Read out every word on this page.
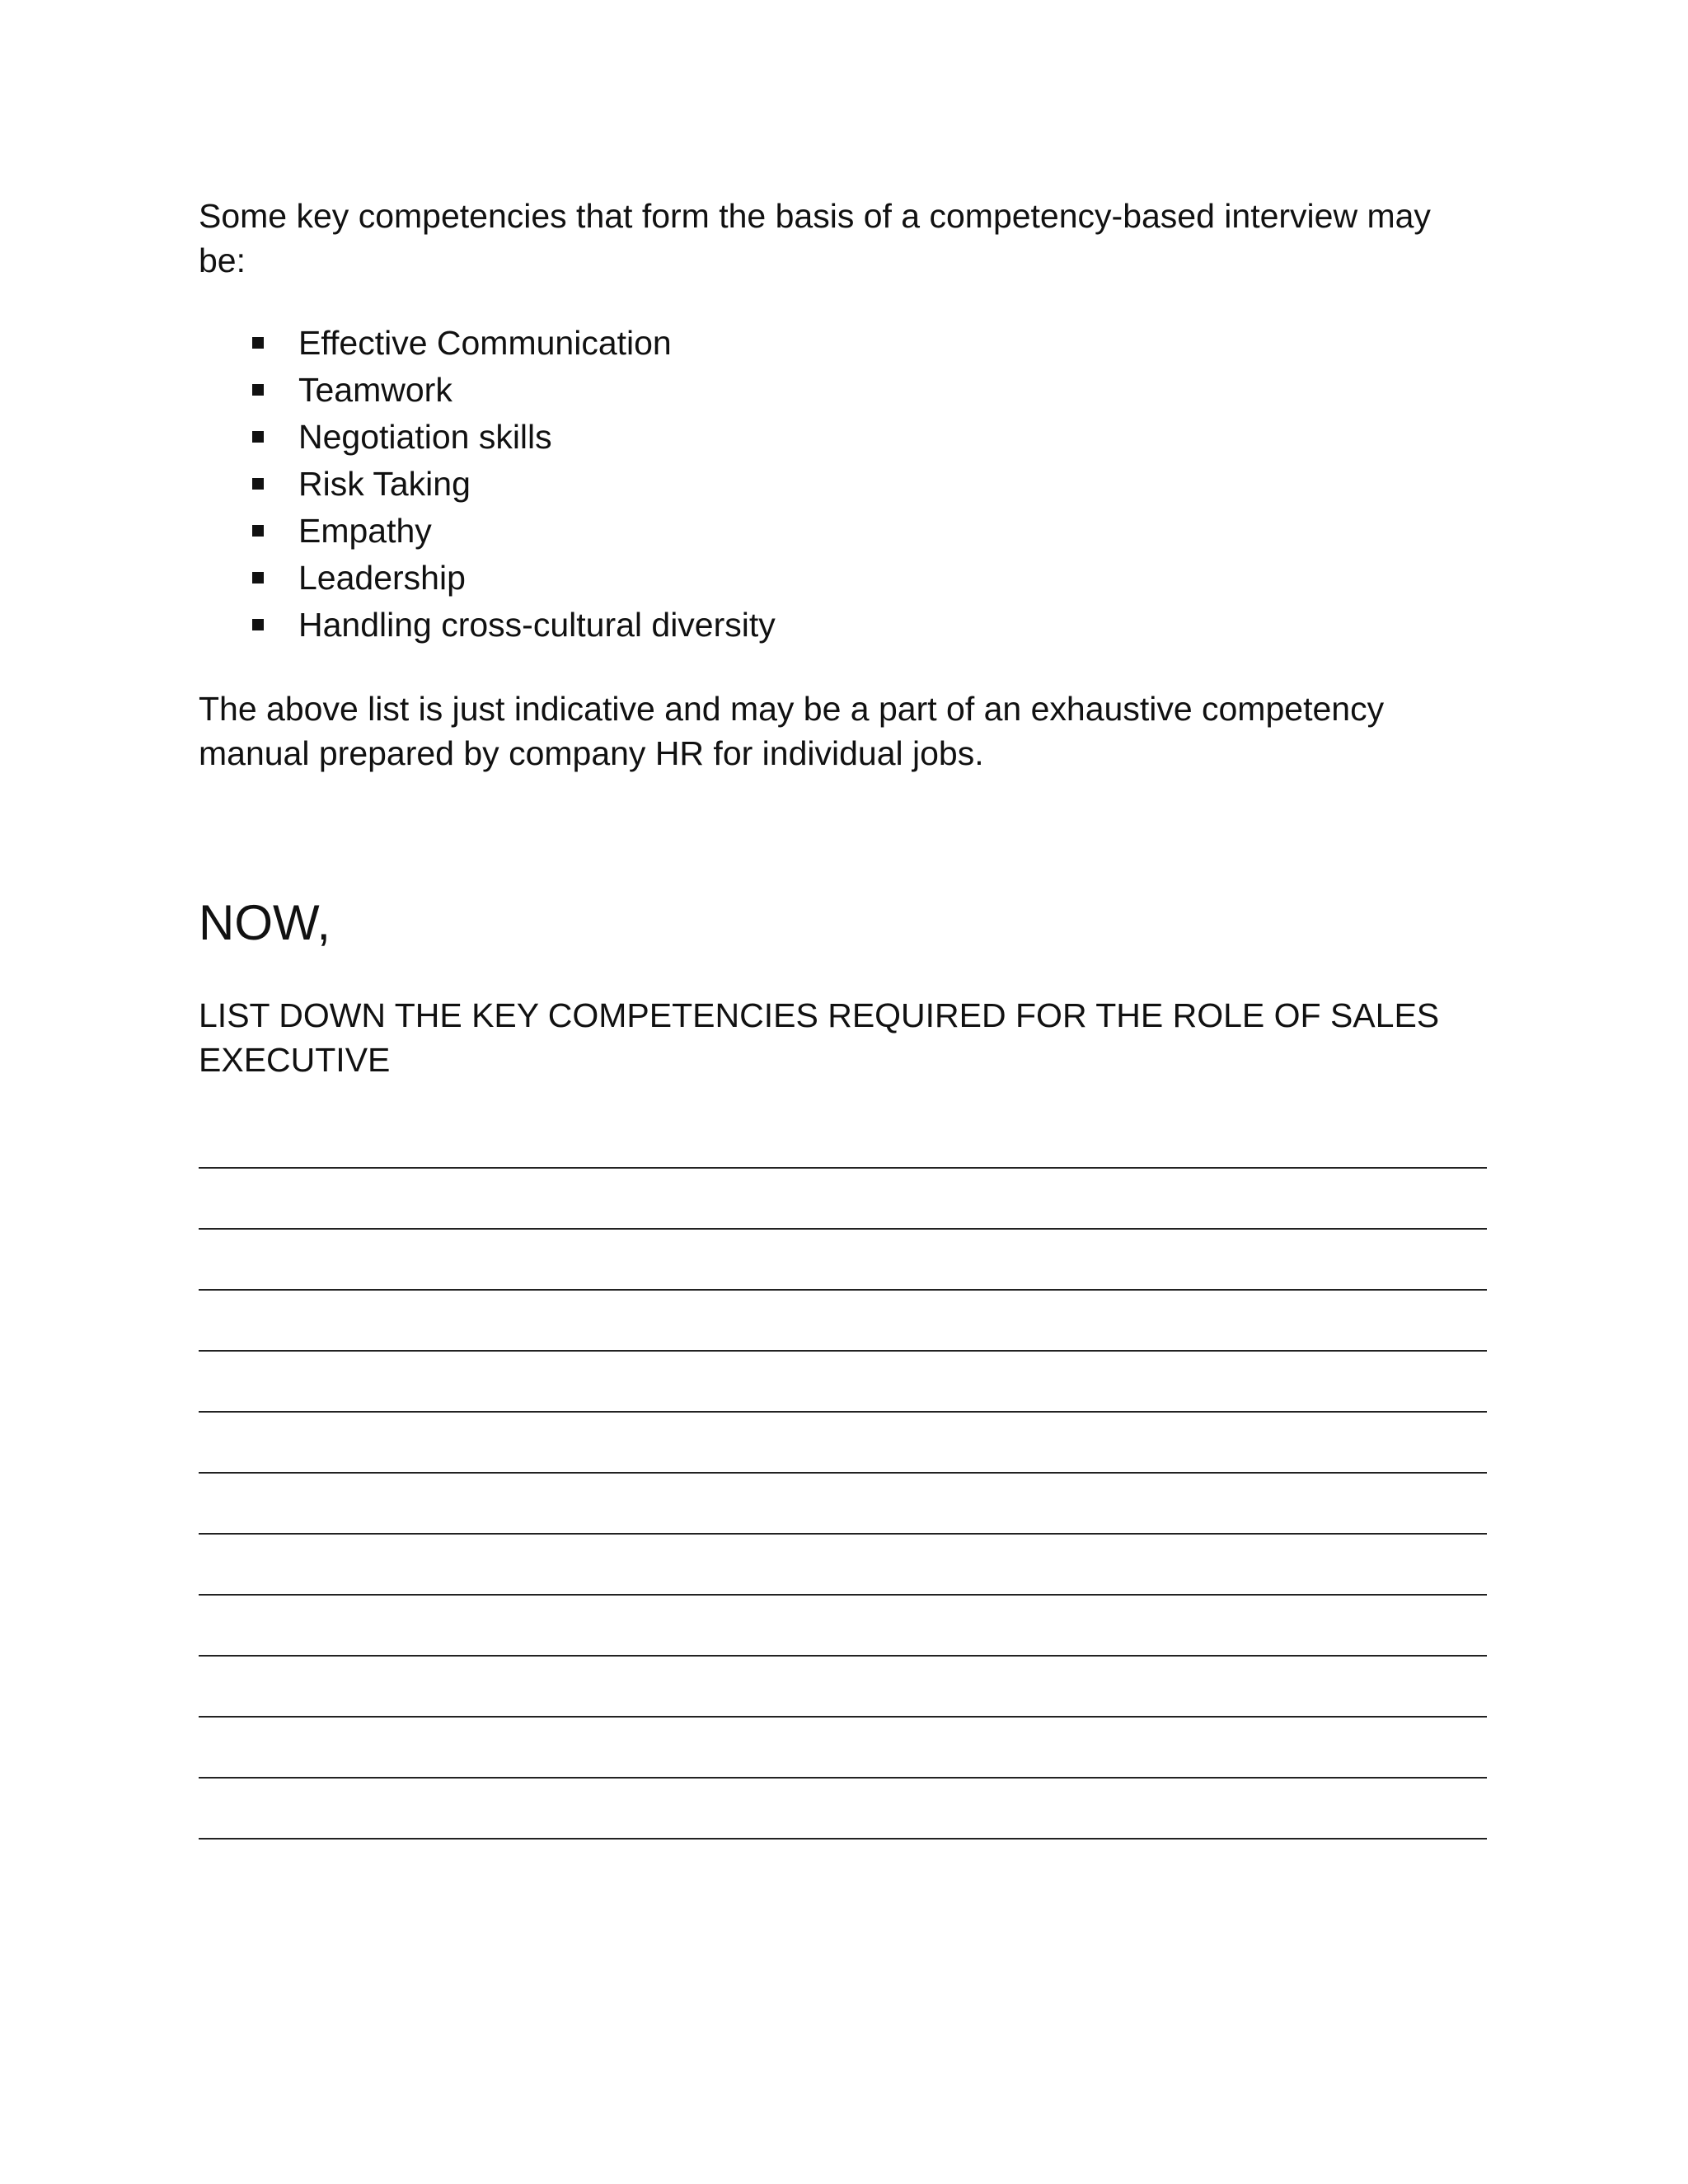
Some key competencies that form the basis of a competency-based interview may be:

Effective Communication
Teamwork
Negotiation skills
Risk Taking
Empathy
Leadership
Handling cross-cultural diversity

The above list is just indicative and may be a part of an exhaustive competency manual prepared by company HR for individual jobs.

NOW,

LIST DOWN THE KEY COMPETENCIES REQUIRED FOR THE ROLE OF SALES EXECUTIVE
